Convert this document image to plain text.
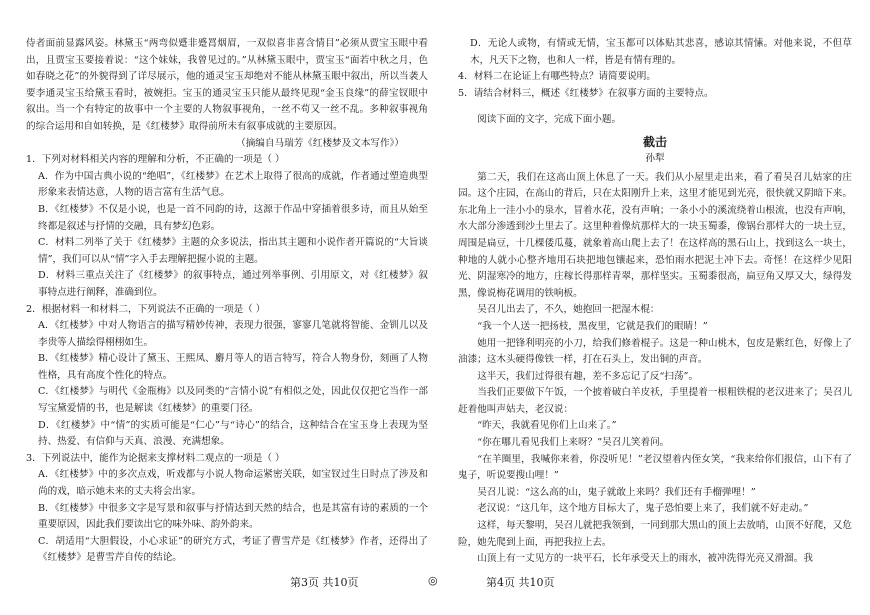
侍者面前显露风姿。林黛玉“两弯似蹙非蹙罥烟眉，一双似喜非喜含情目”必须从贾宝玉眼中看出，且贾宝玉要接着说：“这个妹妹，我曾见过的。”从林黛玉眼中，贾宝玉“面若中秋之月，色如春晓之花”的外貌得到了详尽展示，他的通灵宝玉却绝对不能从林黛玉眼中叙出，所以当袭人要李通灵宝玉给黛玉看时，被婉拒。宝玉的通灵宝玉只能从最终见现“金玉良缘”的薛宝钗眼中叙出。当一个有特定的故事中一个主要的人物叙事视角，一丝不苟又一丝不乱。多种叙事视角的综合运用和自如转换，是《红楼梦》取得前所未有叙事成就的主要原因。

（摘编自马瑞芳《红楼梦及文本写作》）

1．下列对材料相关内容的理解和分析，不正确的一项是（ ）

A．作为中国古典小说的“绝唱”，《红楼梦》在艺术上取得了很高的成就，作者通过塑造典型形象来表情达意，人物的语言富有生活气息。

B．《红楼梦》不仅是小说，也是一首不同韵的诗，这源于作品中穿插着很多诗，而且从始至终都是叙述与抒情的交融，具有梦幻色彩。

C．材料二列举了关于《红楼梦》主题的众多说法，指出其主题和小说作者开篇说的“大旨谈情”，我们可以从“情”字入手去理解把握小说的主题。

D．材料三重点关注了《红楼梦》的叙事特点，通过列举事例、引用原文，对《红楼梦》叙事特点进行阐释，准确到位。

2．根据材料一和材料二，下列说法不正确的一项是（ ）

A．《红楼梦》中对人物语言的描写精妙传神，表现力很强，寥寥几笔就将智能、金钏儿以及李贵等人描绘得栩栩如生。

B．《红楼梦》精心设计了黛玉、王熙凤、麝月等人的语言特写，符合人物身份，刻画了人物性格，具有高度个性化的特点。

C．《红楼梦》与明代《金瓶梅》以及同类的“言情小说”有相似之处，因此仅仅把它当作一部写宝黛爱情的书，也是解读《红楼梦》的重要门径。

D．《红楼梦》中“情”的实质可能是“仁心”与“诗心”的结合，这种结合在宝玉身上表现为坚持、热爱、有信仰与天真、浪漫、充满想象。

3．下列说法中，能作为论据来支撑材料二观点的一项是（ ）

A．《红楼梦》中的多次点戏，听戏都与小说人物命运紧密关联，如宝钗过生日时点了涉及和尚的戏，暗示她未来的丈夫将会出家。

B．《红楼梦》中很多文字是写景和叙事与抒情达到天然的结合，也是其富有诗的素质的一个重要原因，因此我们要读出它的味外味、韵外韵来。

C．胡适用“大胆假设，小心求证”的研究方式，考证了曹雪芹是《红楼梦》作者，还得出了《红楼梦》是曹雪芹自传的结论。

D．无论人或物，有情或无情，宝玉都可以体贴其悲喜，感谅其情愫。对他来说，不但草木，凡天下之物，也和人一样，皆是有情有理的。

4．材料二在论证上有哪些特点？请简要说明。

5．请结合材料三，概述《红楼梦》在叙事方面的主要特点。

阅读下面的文字，完成下面小题。

截击

孙犁

第二天，我们在这高山顶上休息了一天。我们从小屋里走出来，看了看吴召儿姑家的庄园。这个庄园，在高山的背后，只在太阳刚升上来，这里才能见到光亮，很快就又阴暗下来。东北角上一洼小小的泉水，冒着水花，没有声响；一条小小的溪流绕着山根流，也没有声响，水大部分渗透到沙土里去了。这里种着像炕那样大的一块玉蜀黍，像锅台那样大的一块土豆，周围是扁豆，十几棵倭瓜蔓，就象着高山爬上去了！在这样高的黑石山上，找到这么一块土，种地的人就小心整齐地用石块把地包镶起来，恐怕雨水把泥土冲下去。奇怪！在这样少见阳光、阴湿寒冷的地方，庄稼长得那样青翠，那样坚实。玉蜀黍很高，扁豆角又厚又大，绿得发黑，像说梅花调用的铁响板。

吴召儿出去了，不久，她抱回一把湿木棍：

“我一个人送一把扬枝，黑夜里，它就是我们的眼睛！”

她用一把锋利明亮的小刀，给我们修着棍子。这是一种山桃木，包皮是紫红色，好像上了油漆；这木头硬得像铁一样，打在石头上，发出铜的声音。

这半天，我们过得很有趣，差不多忘记了反“扫荡”。

当我们正要做下午饭，一个披着破白羊皮袄，手里提着一根粗铁棍的老汉进来了；吴召儿赶着他叫声姑夫，老汉说：

“昨天，我就看见你们上山来了。”

“你在哪儿看见我们上来呀？”吴召儿笑着问。

“在羊圈里，我喊你来着，你没听见！”老汉望着内侄女笑，“我来给你们报信，山下有了鬼子，听说要搜山哩！”

吴召儿说：“这么高的山，鬼子就敢上来吗？我们还有手榴弹哩！”

老汉说：“这几年，这个地方目标大了，鬼子恐怕要上来了，我们就不好走动。”

这样，每天黎明，吴召儿就把我领到，一同到那大黑山的顶上去放哨，山顶不好爬，又危险，她先爬到上面，再把我拉上去。

山顶上有一丈见方的一块平石，长年承受天上的雨水，被冲洗得光亮又滑溜。我

第3页 共10页	◎	第4页 共10页
